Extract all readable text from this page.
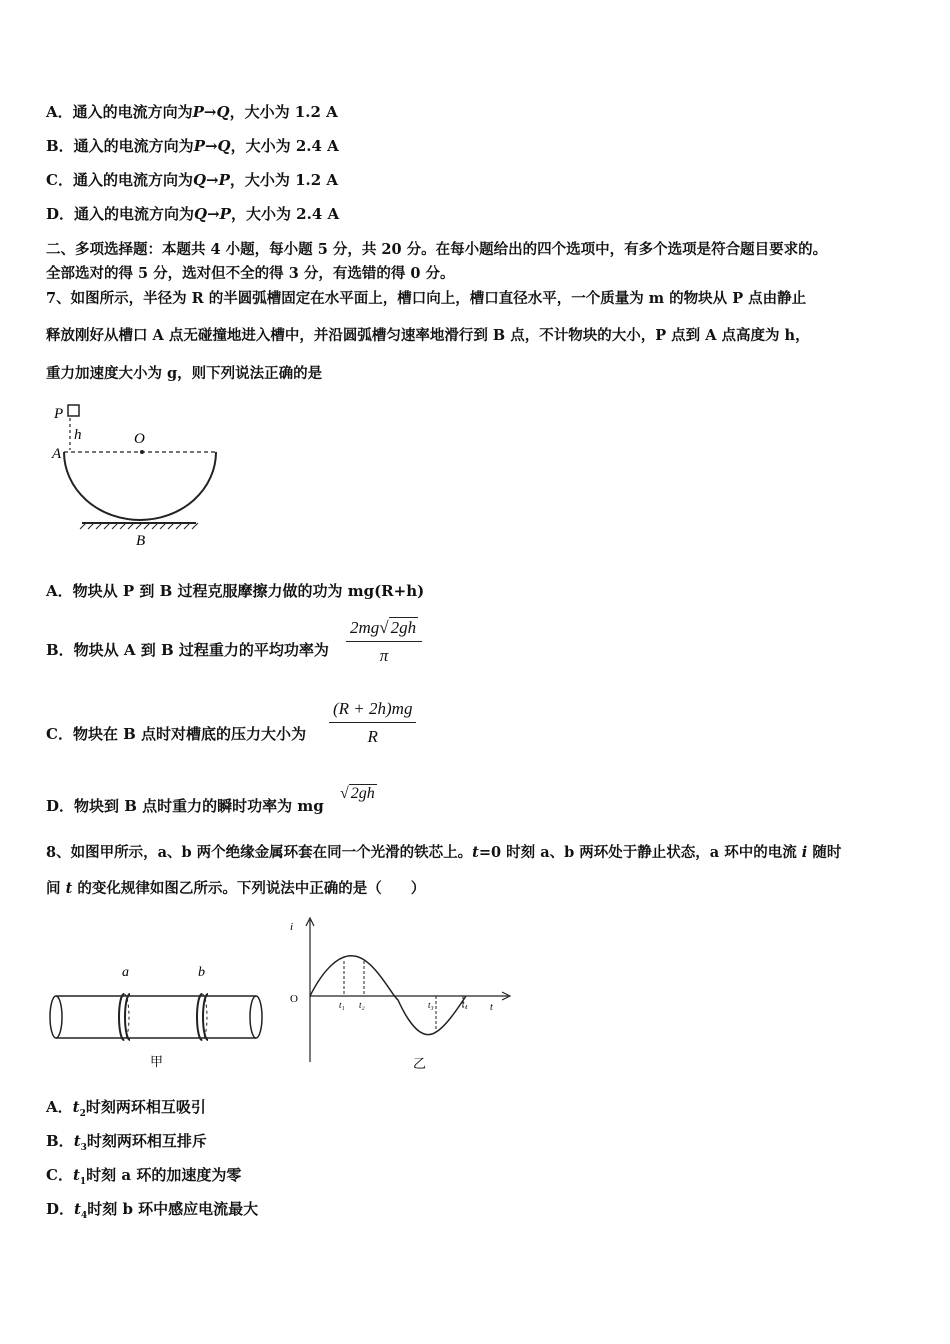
A．通入的电流方向为P→Q，大小为 1.2 A
B．通入的电流方向为P→Q，大小为 2.4 A
C．通入的电流方向为Q→P，大小为 1.2 A
D．通入的电流方向为Q→P，大小为 2.4 A
二、多项选择题：本题共 4 小题，每小题 5 分，共 20 分。在每小题给出的四个选项中，有多个选项是符合题目要求的。
全部选对的得 5 分，选对但不全的得 3 分，有选错的得 0 分。
7、如图所示，半径为 R 的半圆弧槽固定在水平面上，槽口向上，槽口直径水平，一个质量为 m 的物块从 P 点由静止
释放刚好从槽口 A 点无碰撞地进入槽中，并沿圆弧槽匀速率地滑行到 B 点，不计物块的大小，P 点到 A 点高度为 h，
重力加速度大小为 g，则下列说法正确的是
P
h	O
A
B
A．物块从 P 到 B 过程克服摩擦力做的功为 mg(R+h)
B．物块从 A 到 B 过程重力的平均功率为 $\frac{2mg√ 2gh}{\pi}$
C．物块在 B 点时对槽底的压力大小为 $\frac{(R + 2h)mg}{R}$
D．物块到 B 点时重力的瞬时功率为 mg
√ 2gh
8、如图甲所示，a、b 两个绝缘金属环套在同一个光滑的铁芯上。t=0 时刻 a、b 两环处于静止状态，a 环中的电流 i 随时
间 t 的变化规律如图乙所示。下列说法中正确的是（　　）
a	b
甲
i
t
O	t₁ t₂	t₃	t₄
乙
A．$t_2$时刻两环相互吸引
B．$t_3$时刻两环相互排斥
C．$t_1$时刻 a 环的加速度为零
D．$t_4$时刻 b 环中感应电流最大
